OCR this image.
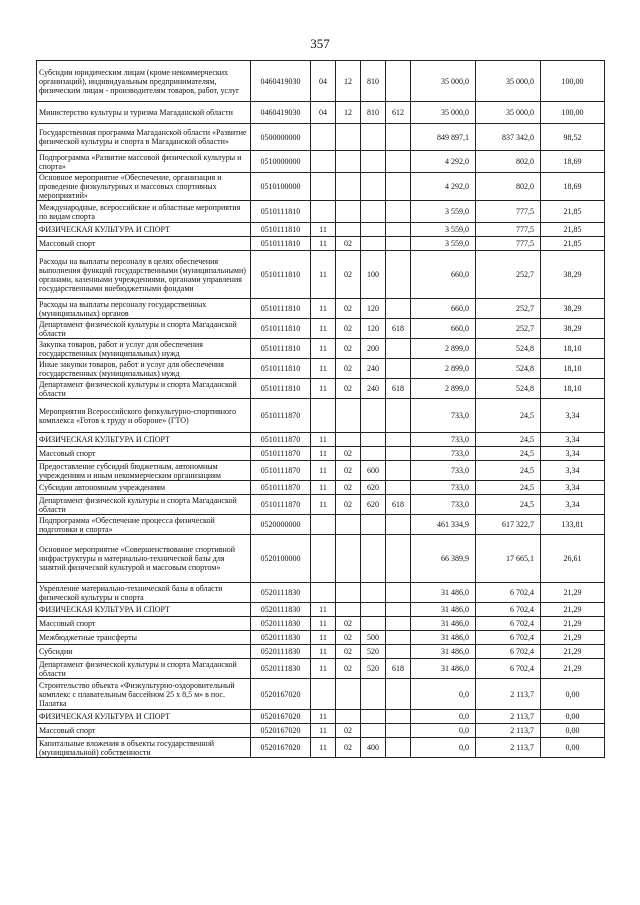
357
Субсидии юридическим лицам (кроме некоммерческих организаций), индивидуальным предпринимателям, физическим лицам - производителям товаров, работ, услуг	0460419030	04	12	810		35 000,0	35 000,0	100,00
Министерство культуры и туризма Магаданской области	0460419030	04	12	810	612	35 000,0	35 000,0	100,00
Государственная программа Магаданской области «Развитие физической культуры и спорта в Магаданской области»	0500000000					849 897,1	837 342,0	98,52
Подпрограмма «Развитие массовой физической культуры и спорта»	0510000000					4 292,0	802,0	18,69
Основное мероприятие «Обеспечение, организация и проведение физкультурных и массовых спортивных мероприятий»	0510100000					4 292,0	802,0	18,69
Международные, всероссийские и областные мероприятия по видам спорта	0510111810					3 559,0	777,5	21,85
ФИЗИЧЕСКАЯ КУЛЬТУРА И СПОРТ	0510111810	11				3 559,0	777,5	21,85
Массовый спорт	0510111810	11	02			3 559,0	777,5	21,85
Расходы на выплаты персоналу в целях обеспечения выполнения функций государственными (муниципальными) органами, казенными учреждениями, органами управления государственными внебюджетными фондами	0510111810	11	02	100		660,0	252,7	38,29
Расходы на выплаты персоналу государственных (муниципальных) органов	0510111810	11	02	120		660,0	252,7	38,29
Департамент физической культуры и спорта Магаданской области	0510111810	11	02	120	618	660,0	252,7	38,29
Закупка товаров, работ и услуг для обеспечения государственных (муниципальных) нужд	0510111810	11	02	200		2 899,0	524,8	18,10
Иные закупки товаров, работ и услуг для обеспечения государственных (муниципальных) нужд	0510111810	11	02	240		2 899,0	524,8	18,10
Департамент физической культуры и спорта Магаданской области	0510111810	11	02	240	618	2 899,0	524,8	18,10
Мероприятия Всероссийского физкультурно-спортивного комплекса «Готов к труду и обороне» (ГТО)	0510111870					733,0	24,5	3,34
ФИЗИЧЕСКАЯ КУЛЬТУРА И СПОРТ	0510111870	11				733,0	24,5	3,34
Массовый спорт	0510111870	11	02			733,0	24,5	3,34
Предоставление субсидий бюджетным, автономным учреждениям и иным некоммерческим организациям	0510111870	11	02	600		733,0	24,5	3,34
Субсидии автономным учреждениям	0510111870	11	02	620		733,0	24,5	3,34
Департамент физической культуры и спорта Магаданской области	0510111870	11	02	620	618	733,0	24,5	3,34
Подпрограмма «Обеспечение процесса физической подготовки и спорта»	0520000000					461 334,9	617 322,7	133,81
Основное мероприятие «Совершенствование спортивной инфраструктуры и материально-технической базы для занятий физической культурой и массовым спортом»	0520100000					66 389,9	17 665,1	26,61
Укрепление материально-технической базы в области физической культуры и спорта	0520111830					31 486,0	6 702,4	21,29
ФИЗИЧЕСКАЯ КУЛЬТУРА И СПОРТ	0520111830	11				31 486,0	6 702,4	21,29
Массовый спорт	0520111830	11	02			31 486,0	6 702,4	21,29
Межбюджетные трансферты	0520111830	11	02	500		31 486,0	6 702,4	21,29
Субсидии	0520111830	11	02	520		31 486,0	6 702,4	21,29
Департамент физической культуры и спорта Магаданской области	0520111830	11	02	520	618	31 486,0	6 702,4	21,29
Строительство объекта «Физкультурно-оздоровительный комплекс с плавательным бассейном 25 х 8,5 м» в пос. Палатка	0520167020					0,0	2 113,7	0,00
ФИЗИЧЕСКАЯ КУЛЬТУРА И СПОРТ	0520167020	11				0,0	2 113,7	0,00
Массовый спорт	0520167020	11	02			0,0	2 113,7	0,00
Капитальные вложения в объекты государственной (муниципальной) собственности	0520167020	11	02	400		0,0	2 113,7	0,00
